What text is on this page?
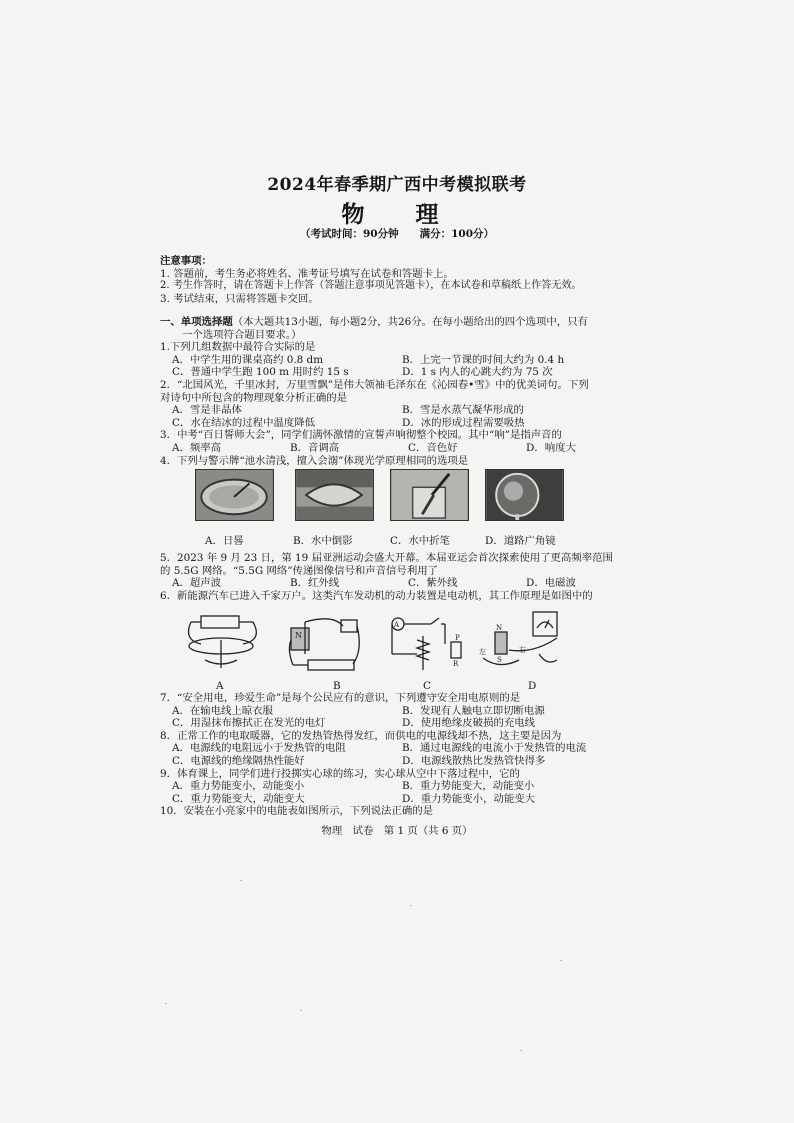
2024年春季期广西中考模拟联考
物　理
（考试时间：90分钟　　满分：100分）
注意事项：
1. 答题前，考生务必将姓名、准考证号填写在试卷和答题卡上。
2. 考生作答时，请在答题卡上作答（答题注意事项见答题卡），在本试卷和草稿纸上作答无效。
3. 考试结束，只需将答题卡交回。
一、单项选择题（本大题共13小题，每小题2分，共26分。在每小题给出的四个选项中，只有
一个选项符合题目要求。）
1.下列几组数据中最符合实际的是
A．中学生用的课桌高约 0.8 dm	B．上完一节课的时间大约为 0.4 h
C．普通中学生跑 100 m 用时约 15 s	D．1 s 内人的心跳大约为 75 次
2．“北国风光，千里冰封，万里雪飘”是伟大领袖毛泽东在《沁园春•雪》中的优美词句。下列
对诗句中所包含的物理现象分析正确的是
A．雪是非晶体	B．雪是水蒸气凝华形成的
C．水在结冰的过程中温度降低	D．冰的形成过程需要吸热
3．中考“百日誓师大会”，同学们满怀激情的宣誓声响彻整个校园。其中“响”是指声音的
A．频率高	B．音调高	C．音色好	D．响度大
4．下列与警示牌“池水清浅，擅入会溺”体现光学原理相同的选项是
A．日晷	B．水中倒影	C．水中折笔	D．道路广角镜
5．2023 年 9 月 23 日，第 19 届亚洲运动会盛大开幕。本届亚运会首次探索使用了更高频率范围
的 5.5G 网络。“5.5G 网络”传递图像信号和声音信号利用了
A．超声波	B．红外线	C．紫外线	D．电磁波
6．新能源汽车已进入千家万户。这类汽车发动机的动力装置是电动机，其工作原理是如图中的
N
A
P
R
N
S
左	右
A	B	C	D
7．“安全用电，珍爱生命”是每个公民应有的意识，下列遵守安全用电原则的是
A．在输电线上晾衣服	B．发现有人触电立即切断电源
C．用湿抹布擦拭正在发光的电灯	D．使用绝缘皮破损的充电线
8．正常工作的电取暖器，它的发热管热得发红，而供电的电源线却不热，这主要是因为
A．电源线的电阻远小于发热管的电阻	B．通过电源线的电流小于发热管的电流
C．电源线的绝缘隔热性能好	D．电源线散热比发热管快得多
9．体育课上，同学们进行投掷实心球的练习，实心球从空中下落过程中，它的
A．重力势能变小，动能变小	B．重力势能变大，动能变小
C．重力势能变大，动能变大	D．重力势能变小，动能变大
10．安装在小亮家中的电能表如图所示，下列说法正确的是
物理　试卷　第 1 页（共 6 页）
